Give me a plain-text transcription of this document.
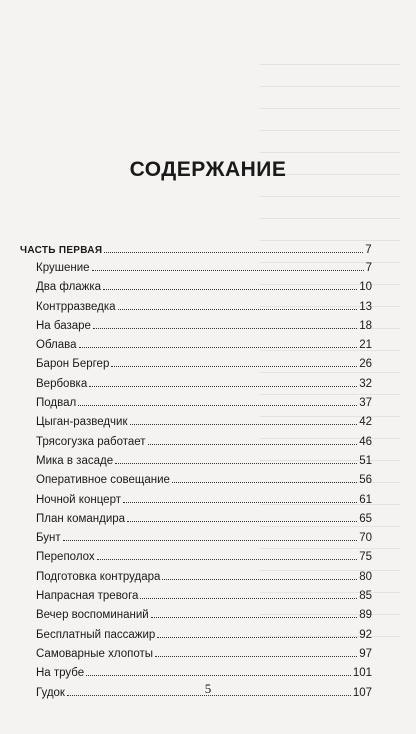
СОДЕРЖАНИЕ
ЧАСТЬ ПЕРВАЯ	7
Крушение	7
Два флажка	10
Контрразведка	13
На базаре	18
Облава	21
Барон Бергер	26
Вербовка	32
Подвал	37
Цыган-разведчик	42
Трясогузка работает	46
Мика в засаде	51
Оперативное совещание	56
Ночной концерт	61
План командира	65
Бунт	70
Переполох	75
Подготовка контрудара	80
Напрасная тревога	85
Вечер воспоминаний	89
Бесплатный пассажир	92
Самоварные хлопоты	97
На трубе	101
Гудок	107
5
